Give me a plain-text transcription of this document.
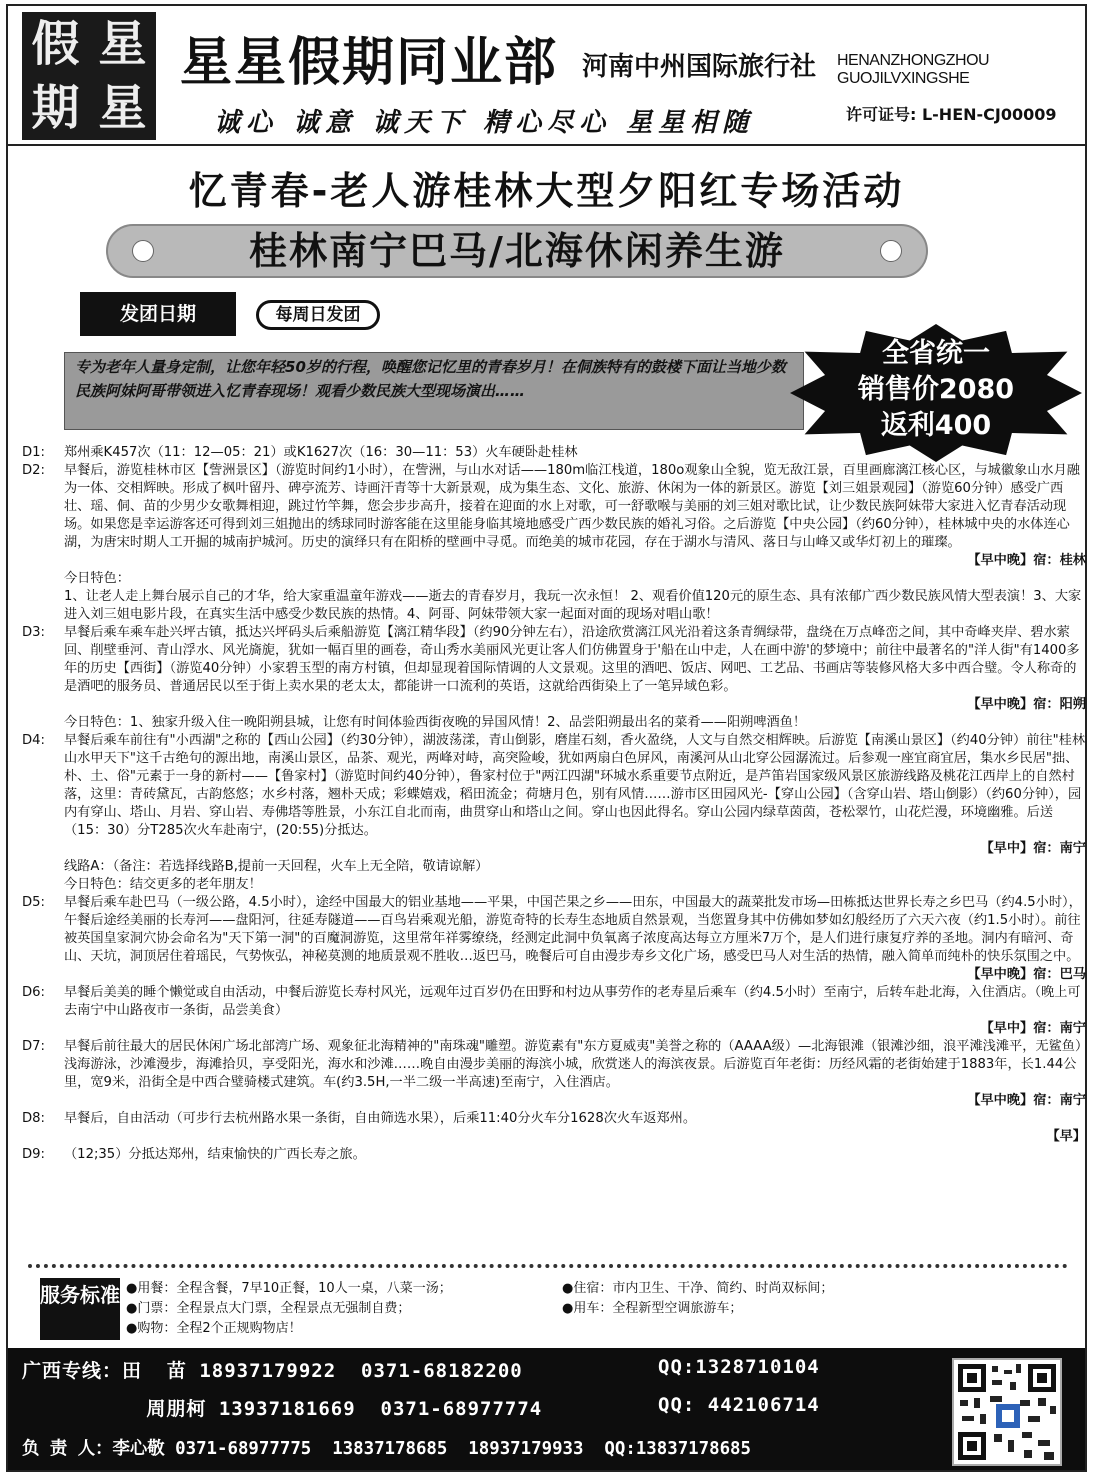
假 星
期 星
星星假期同业部 河南中州国际旅行社 HENANZHONGZHOU GUOJILVXINGSHE
诚心 诚意 诚天下 精心尽心 星星相随	许可证号: L-HEN-CJ00009
忆青春-老人游桂林大型夕阳红专场活动
桂林南宁巴马/北海休闲养生游
发团日期	每周日发团
专为老年人量身定制，让您年轻50岁的行程，唤醒您记忆里的青春岁月！在侗族特有的鼓楼下面让当地少数民族阿妹阿哥带领进入忆青春现场！观看少数民族大型现场演出……
全省统一
销售价2080
返利400
D1:	郑州乘K457次（11：12—05：21）或K1627次（16：30—11：53）火车硬卧赴桂林
D2:	早餐后，游览桂林市区【訾洲景区】（游览时间约1小时），在訾洲，与山水对话——180m临江栈道，180o观象山全貌，览无敌江景，百里画廊漓江核心区，与城徽象山水月融为一体、交相辉映。形成了枫叶留丹、碑亭流芳、诗画汗青等十大新景观，成为集生态、文化、旅游、休闲为一体的新景区。游览【刘三姐景观园】（游览60分钟）感受广西壮、瑶、侗、苗的少男少女歌舞相迎，跳过竹竿舞，您会步步高升，接着在迎面的水上对歌，可一舒歌喉与美丽的刘三姐对歌比试，让少数民族阿妹带大家进入忆青春活动现场。如果您是幸运游客还可得到刘三姐抛出的绣球同时游客能在这里能身临其境地感受广西少数民族的婚礼习俗。之后游览【中央公园】（约60分钟），桂林城中央的水体连心湖，为唐宋时期人工开掘的城南护城河。历史的演绎只有在阳桥的壁画中寻觅。而绝美的城市花园，存在于湖水与清风、落日与山峰又或华灯初上的璀璨。
【早中晚】宿：桂林
今日特色：
1、让老人走上舞台展示自己的才华，给大家重温童年游戏——逝去的青春岁月，我玩一次永恒！ 2、观看价值120元的原生态、具有浓郁广西少数民族风情大型表演！3、大家进入刘三姐电影片段，在真实生活中感受少数民族的热情。4、阿哥、阿妹带领大家一起面对面的现场对唱山歌！
D3:	早餐后乘车乘车赴兴坪古镇，抵达兴坪码头后乘船游览【漓江精华段】（约90分钟左右），沿途欣赏漓江风光沿着这条青绸绿带，盘绕在万点峰峦之间，其中奇峰夹岸、碧水萦回、削壁垂河、青山浮水、风光旖旎，犹如一幅百里的画卷，奇山秀水美丽风光更让客人们仿佛置身于'船在山中走，人在画中游'的梦境中；前往中最著名的"洋人街"有1400多年的历史【西街】（游览40分钟）小家碧玉型的南方村镇，但却显现着国际情调的人文景观。这里的酒吧、饭店、网吧、工艺品、书画店等装修风格大多中西合璧。令人称奇的是酒吧的服务员、普通居民以至于街上卖水果的老太太，都能讲一口流利的英语，这就给西街染上了一笔异域色彩。
【早中晚】宿：阳朔
今日特色：1、独家升级入住一晚阳朔县城，让您有时间体验西街夜晚的异国风情！2、品尝阳朔最出名的菜肴——阳朔啤酒鱼！
D4:	早餐后乘车前往有"小西湖"之称的【西山公园】（约30分钟），湖波荡漾，青山倒影，磨崖石刻，香火盈绕，人文与自然交相辉映。后游览【南溪山景区】（约40分钟）前往"桂林山水甲天下"这千古绝句的源出地，南溪山景区，品茶、观光，两峰对峙，高突险峻，犹如两扇白色屏风，南溪河从山北穿公园潺流过。后参观一座宜商宜居，集水乡民居"拙、朴、土、俗"元素于一身的新村——【鲁家村】（游览时间约40分钟），鲁家村位于"两江四湖"环城水系重要节点附近，是芦笛岩国家级风景区旅游线路及桃花江西岸上的自然村落，这里：青砖黛瓦，古韵悠悠；水乡村落，翘朴天成；彩蝶嬉戏，稻田流金；荷塘月色，别有风情……游市区田园风光-【穿山公园】（含穿山岩、塔山倒影）（约60分钟），园内有穿山、塔山、月岩、穿山岩、寿佛塔等胜景，小东江自北而南，曲贯穿山和塔山之间。穿山也因此得名。穿山公园内绿草茵茵，苍松翠竹，山花烂漫，环境幽雅。后送（15：30）分T285次火车赴南宁，(20:55)分抵达。
【早中】宿：南宁
线路A：（备注：若选择线路B,提前一天回程，火车上无全陪，敬请谅解）
今日特色：结交更多的老年朋友！
D5:	早餐后乘车赴巴马（一级公路，4.5小时），途经中国最大的铝业基地——平果，中国芒果之乡——田东，中国最大的蔬菜批发市场—田栋抵达世界长寿之乡巴马（约4.5小时），午餐后途经美丽的长寿河——盘阳河，往延寿隧道——百鸟岩乘观光船，游览奇特的长寿生态地质自然景观，当您置身其中仿佛如梦如幻般经历了六天六夜（约1.5小时）。前往被英国皇家洞穴协会命名为"天下第一洞"的百魔洞游览，这里常年祥雾缭绕，经测定此洞中负氧离子浓度高达每立方厘米7万个，是人们进行康复疗养的圣地。洞内有暗河、奇山、天坑，洞顶居住着瑶民，气势恢弘，神秘莫测的地质景观不胜收…返巴马，晚餐后可自由漫步寿乡文化广场，感受巴马人对生活的热情，融入简单而纯朴的快乐氛围之中。
【早中晚】宿：巴马
D6:	早餐后美美的睡个懒觉或自由活动，中餐后游览长寿村风光，远观年过百岁仍在田野和村边从事劳作的老寿星后乘车（约4.5小时）至南宁，后转车赴北海，入住酒店。（晚上可去南宁中山路夜市一条街，品尝美食）
【早中】宿：南宁
D7:	早餐后前往最大的居民休闲广场北部湾广场、观象征北海精神的"南珠魂"雕塑。游览素有"东方夏威夷"美誉之称的（AAAA级）—北海银滩（银滩沙细，浪平滩浅滩平，无鲨鱼）浅海游泳，沙滩漫步，海滩拾贝，享受阳光，海水和沙滩……晚自由漫步美丽的海滨小城，欣赏迷人的海滨夜景。后游览百年老街：历经风霜的老街始建于1883年，长1.44公里，宽9米，沿街全是中西合璧骑楼式建筑。车(约3.5H,一半二级一半高速)至南宁，入住酒店。
【早中晚】宿：南宁
D8:	早餐后，自由活动（可步行去杭州路水果一条街，自由筛选水果），后乘11:40分火车分1628次火车返郑州。
【早】
D9:	（12;35）分抵达郑州，结束愉快的广西长寿之旅。
服务标准 ●用餐：全程含餐，7早10正餐，10人一桌，八菜一汤；	●住宿：市内卫生、干净、简约、时尚双标间；
●门票：全程景点大门票，全程景点无强制自费；	●用车：全程新型空调旅游车；
●购物：全程2个正规购物店！
广西专线：田  苗 18937179922  0371-68182200	QQ:1328710104
周朋柯 13937181669  0371-68977774	QQ: 442106714
负 责 人：李心敬 0371-68977775  13837178685  18937179933  QQ:13837178685
